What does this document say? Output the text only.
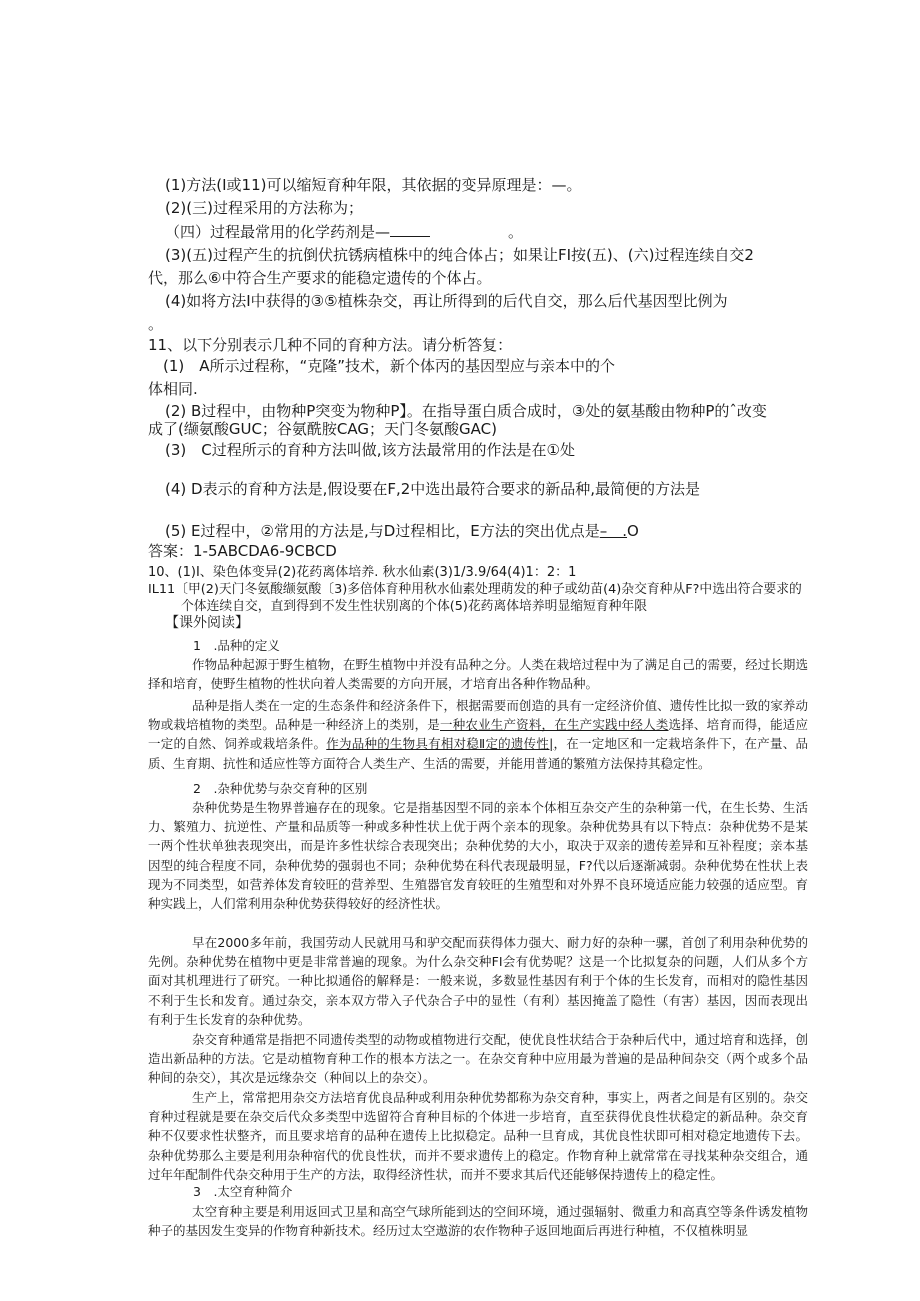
(1)方法(I或11)可以缩短育种年限，其依据的变异原理是：—。
(2)(三)过程采用的方法称为；
（四）过程最常用的化学药剂是—	。
(3)(五)过程产生的抗倒伏抗锈病植株中的纯合体占；如果让FI按(五)、(六)过程连续自交2
代，那么⑥中符合生产要求的能稳定遗传的个体占。
(4)如将方法I中获得的③⑤植株杂交，再让所得到的后代自交，那么后代基因型比例为
。
11、以下分别表示几种不同的育种方法。请分析答复：
(1)　A所示过程称，“克隆”技术，新个体丙的基因型应与亲本中的个
体相同.
(2) B过程中，由物种P突变为物种P】。在指导蛋白质合成时，③处的氨基酸由物种P的ˆ改变
成了(缬氨酸GUC；谷氨酰胺CAG；天门冬氨酸GAC)
(3)　C过程所示的育种方法叫做,该方法最常用的作法是在①处
(4) D表示的育种方法是,假设要在F,2中选出最符合要求的新品种,最简便的方法是
(5) E过程中，②常用的方法是,与D过程相比，E方法的突出优点是–　.O
答案：1-5ABCDA6-9CBCD
10、(1)I、染色体变异(2)花药离体培养. 秋水仙素(3)1/3.9/64(4)1：2：1
IL11〔甲(2)天门冬氨酸缬氨酸〔3)多倍体育种用秋水仙素处理萌发的种子或幼苗(4)杂交育种从F?中选出符合要求的
个体连续自交，直到得到不发生性状别离的个体(5)花药离体培养明显缩短育种年限
【课外阅读】
1　.品种的定义
作物品种起源于野生植物，在野生植物中并没有品种之分。人类在栽培过程中为了满足自己的需要，经过长期选择和培育，使野生植物的性状向着人类需要的方向开展，才培育出各种作物品种。
品种是指人类在一定的生态条件和经济条件下，根据需要而创造的具有一定经济价值、遗传性比拟一致的家养动物或栽培植物的类型。品种是一种经济上的类别，是一种农业生产资料，在生产实践中经人类选择、培育而得，能适应一定的自然、饲养或栽培条件。作为品种的生物具有相对稳Ⅱ定的遗传性|，在一定地区和一定栽培条件下，在产量、品质、生育期、抗性和适应性等方面符合人类生产、生活的需要，并能用普通的繁殖方法保持其稳定性。
2　.杂种优势与杂交育种的区别
杂种优势是生物界普遍存在的现象。它是指基因型不同的亲本个体相互杂交产生的杂种第一代，在生长势、生活力、繁殖力、抗逆性、产量和品质等一种或多种性状上优于两个亲本的现象。杂种优势具有以下特点：杂种优势不是某一两个性状单独表现突出，而是许多性状综合表现突出；杂种优势的大小，取决于双亲的遗传差异和互补程度；亲本基因型的纯合程度不同，杂种优势的强弱也不同；杂种优势在科代表现最明显，F?代以后逐渐减弱。杂种优势在性状上表现为不同类型，如营养体发育较旺的营养型、生殖器官发育较旺的生殖型和对外界不良环境适应能力较强的适应型。育种实践上，人们常利用杂种优势获得较好的经济性状。
早在2000多年前，我国劳动人民就用马和驴交配而获得体力强大、耐力好的杂种一骡，首创了利用杂种优势的先例。杂种优势在植物中更是非常普遍的现象。为什么杂交种FI会有优势呢？这是一个比拟复杂的问题，人们从多个方面对其机理进行了研究。一种比拟通俗的解释是：一般来说，多数显性基因有利于个体的生长发育，而相对的隐性基因不利于生长和发育。通过杂交，亲本双方带入子代杂合子中的显性（有利）基因掩盖了隐性（有害）基因，因而表现出有利于生长发育的杂种优势。
杂交育种通常是指把不同遗传类型的动物或植物进行交配，使优良性状结合于杂种后代中，通过培育和选择，创造出新品种的方法。它是动植物育种工作的根本方法之一。在杂交育种中应用最为普遍的是品种间杂交（两个或多个品种间的杂交），其次是远缘杂交（种间以上的杂交）。
生产上，常常把用杂交方法培育优良品种或利用杂种优势都称为杂交育种，事实上，两者之间是有区别的。杂交育种过程就是要在杂交后代众多类型中选留符合育种目标的个体进一步培育，直至获得优良性状稳定的新品种。杂交育种不仅要求性状整齐，而且要求培育的品种在遗传上比拟稳定。品种一旦育成，其优良性状即可相对稳定地遗传下去。杂种优势那么主要是利用杂种宿代的优良性状，而并不要求遗传上的稳定。作物育种上就常常在寻找某种杂交组合，通过年年配制件代杂交种用于生产的方法，取得经济性状，而并不要求其后代还能够保持遗传上的稳定性。
3　.太空育种简介
太空育种主要是利用返回式卫星和高空气球所能到达的空间环境，通过强辐射、微重力和高真空等条件诱发植物种子的基因发生变异的作物育种新技术。经历过太空遨游的农作物种子返回地面后再进行种植，不仅植株明显
